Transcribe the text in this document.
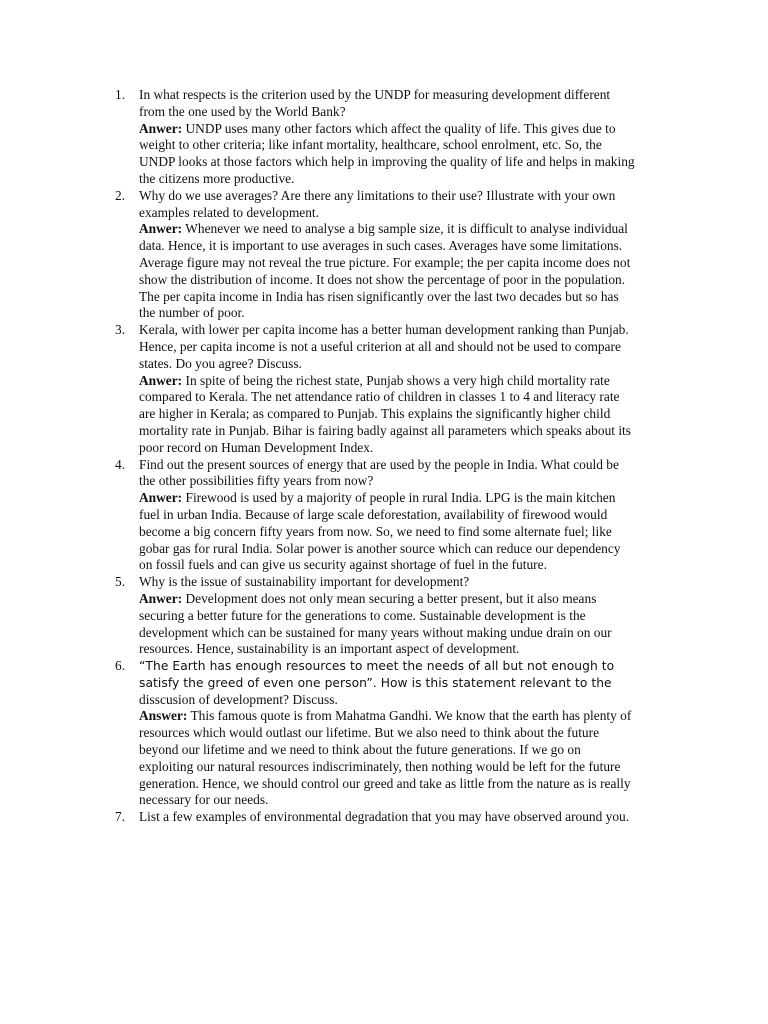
1. In what respects is the criterion used by the UNDP for measuring development different from the one used by the World Bank?
Anwer: UNDP uses many other factors which affect the quality of life. This gives due to weight to other criteria; like infant mortality, healthcare, school enrolment, etc. So, the UNDP looks at those factors which help in improving the quality of life and helps in making the citizens more productive.
2. Why do we use averages? Are there any limitations to their use? Illustrate with your own examples related to development.
Anwer: Whenever we need to analyse a big sample size, it is difficult to analyse individual data. Hence, it is important to use averages in such cases. Averages have some limitations. Average figure may not reveal the true picture. For example; the per capita income does not show the distribution of income. It does not show the percentage of poor in the population. The per capita income in India has risen significantly over the last two decades but so has the number of poor.
3. Kerala, with lower per capita income has a better human development ranking than Punjab. Hence, per capita income is not a useful criterion at all and should not be used to compare states. Do you agree? Discuss.
Anwer: In spite of being the richest state, Punjab shows a very high child mortality rate compared to Kerala. The net attendance ratio of children in classes 1 to 4 and literacy rate are higher in Kerala; as compared to Punjab. This explains the significantly higher child mortality rate in Punjab. Bihar is fairing badly against all parameters which speaks about its poor record on Human Development Index.
4. Find out the present sources of energy that are used by the people in India. What could be the other possibilities fifty years from now?
Anwer: Firewood is used by a majority of people in rural India. LPG is the main kitchen fuel in urban India. Because of large scale deforestation, availability of firewood would become a big concern fifty years from now. So, we need to find some alternate fuel; like gobar gas for rural India. Solar power is another source which can reduce our dependency on fossil fuels and can give us security against shortage of fuel in the future.
5. Why is the issue of sustainability important for development?
Anwer: Development does not only mean securing a better present, but it also means securing a better future for the generations to come. Sustainable development is the development which can be sustained for many years without making undue drain on our resources. Hence, sustainability is an important aspect of development.
6. “The Earth has enough resources to meet the needs of all but not enough to satisfy the greed of even one person”. How is this statement relevant to the
disscusion of development? Discuss.
Answer: This famous quote is from Mahatma Gandhi. We know that the earth has plenty of resources which would outlast our lifetime. But we also need to think about the future beyond our lifetime and we need to think about the future generations. If we go on exploiting our natural resources indiscriminately, then nothing would be left for the future generation. Hence, we should control our greed and take as little from the nature as is really necessary for our needs.
7. List a few examples of environmental degradation that you may have observed around you.
